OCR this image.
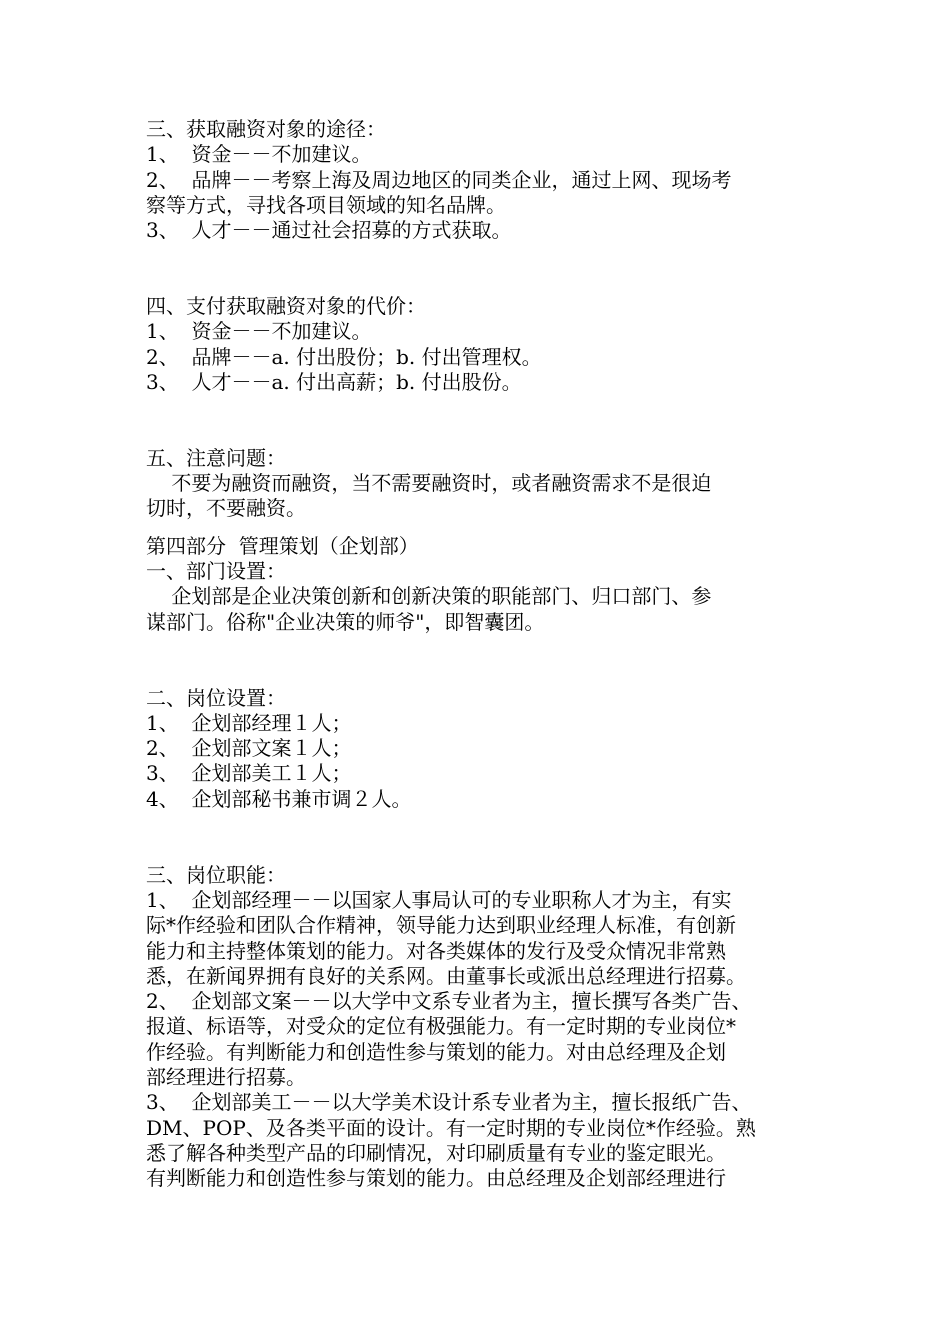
三、获取融资对象的途径：
1、  资金－－不加建议。
2、  品牌－－考察上海及周边地区的同类企业，通过上网、现场考
察等方式，寻找各项目领域的知名品牌。
3、  人才－－通过社会招募的方式获取。
四、支付获取融资对象的代价：
1、  资金－－不加建议。
2、  品牌－－a. 付出股份；b. 付出管理权。
3、  人才－－a. 付出高薪；b. 付出股份。
五、注意问题：
不要为融资而融资，当不需要融资时，或者融资需求不是很迫
切时，不要融资。
第四部分  管理策划（企划部）
一、部门设置：
企划部是企业决策创新和创新决策的职能部门、归口部门、参
谋部门。俗称"企业决策的师爷"，即智囊团。
二、岗位设置：
1、  企划部经理１人；
2、  企划部文案１人；
3、  企划部美工１人；
4、  企划部秘书兼市调２人。
三、岗位职能：
1、  企划部经理－－以国家人事局认可的专业职称人才为主，有实
际*作经验和团队合作精神，领导能力达到职业经理人标准，有创新
能力和主持整体策划的能力。对各类媒体的发行及受众情况非常熟
悉，在新闻界拥有良好的关系网。由董事长或派出总经理进行招募。
2、  企划部文案－－以大学中文系专业者为主，擅长撰写各类广告、
报道、标语等，对受众的定位有极强能力。有一定时期的专业岗位*
作经验。有判断能力和创造性参与策划的能力。对由总经理及企划
部经理进行招募。
3、  企划部美工－－以大学美术设计系专业者为主，擅长报纸广告、
DM、POP、及各类平面的设计。有一定时期的专业岗位*作经验。熟
悉了解各种类型产品的印刷情况，对印刷质量有专业的鉴定眼光。
有判断能力和创造性参与策划的能力。由总经理及企划部经理进行
